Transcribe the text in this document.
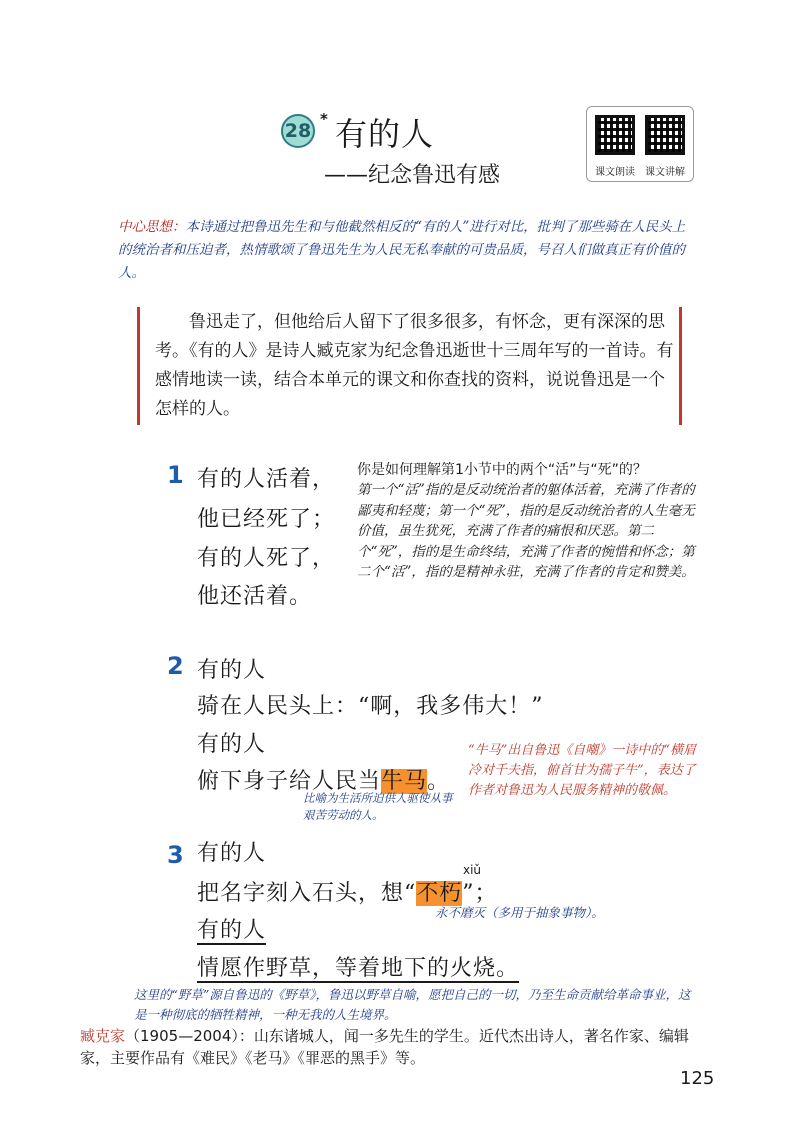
28
* 有的人
——纪念鲁迅有感	课文朗读 课文讲解
中心思想：本诗通过把鲁迅先生和与他截然相反的“有的人”进行对比，批判了那些骑在人民头上的统治者和压迫者，热情歌颂了鲁迅先生为人民无私奉献的可贵品质，号召人们做真正有价值的人。
鲁迅走了，但他给后人留下了很多很多，有怀念，更有深深的思考。《有的人》是诗人臧克家为纪念鲁迅逝世十三周年写的一首诗。有感情地读一读，结合本单元的课文和你查找的资料，说说鲁迅是一个怎样的人。
1 有的人活着，
他已经死了；
有的人死了，
他还活着。
你是如何理解第1小节中的两个“活”与“死”的？
第一个“活”指的是反动统治者的躯体活着，充满了作者的鄙夷和轻蔑；第一个“死”，指的是反动统治者的人生毫无价值，虽生犹死，充满了作者的痛恨和厌恶。第二个“死”，指的是生命终结，充满了作者的惋惜和怀念；第二个“活”，指的是精神永驻，充满了作者的肯定和赞美。
2 有的人
骑在人民头上：“啊，我多伟大！”
有的人
俯下身子给人民当牛马。
“牛马”出自鲁迅《自嘲》一诗中的“横眉冷对千夫指，俯首甘为孺子牛”，表达了作者对鲁迅为人民服务精神的敬佩。
比喻为生活所迫供人驱使从事艰苦劳动的人。
3 有的人
xiǔ
把名字刻入石头，想“不朽”；
永不磨灭（多用于抽象事物）。
有的人
情愿作野草，等着地下的火烧。
这里的“野草”源自鲁迅的《野草》，鲁迅以野草自喻，愿把自己的一切，乃至生命贡献给革命事业，这是一种彻底的牺牲精神，一种无我的人生境界。
臧克家（1905—2004）：山东诸城人，闻一多先生的学生。近代杰出诗人，著名作家、编辑家，主要作品有《难民》《老马》《罪恶的黑手》等。
125
